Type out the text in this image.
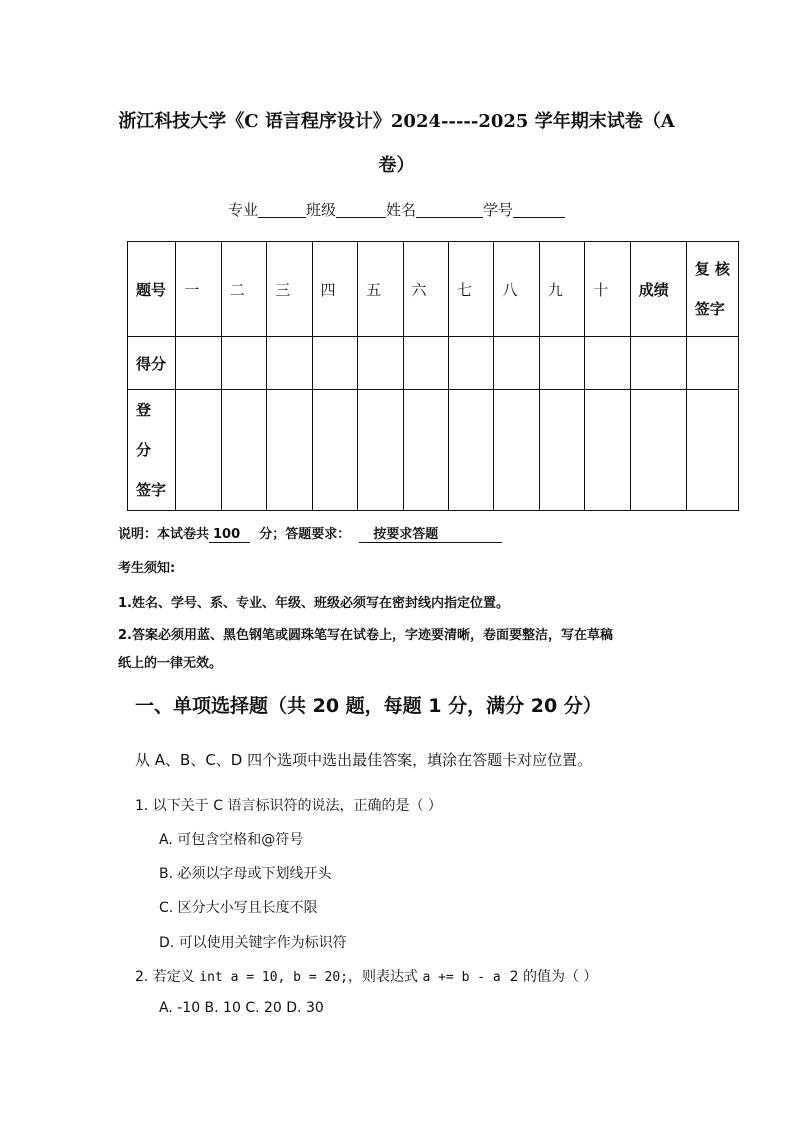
浙江科技大学《C 语言程序设计》2024-----2025 学年期末试卷（A
卷）
专业	班级	姓名	学号
题号	一	二	三	四	五	六	七	八	九	十	成绩	复 核
签字

得分												

登 分
签字												

说明：本试卷共 100 分；答题要求： 按要求答题
考生须知:
1.姓名、学号、系、专业、年级、班级必须写在密封线内指定位置。
2.答案必须用蓝、黑色钢笔或圆珠笔写在试卷上，字迹要清晰，卷面要整洁，写在草稿
纸上的一律无效。
一、单项选择题（共 20 题，每题 1 分，满分 20 分）
从 A、B、C、D 四个选项中选出最佳答案，填涂在答题卡对应位置。
1. 以下关于 C 语言标识符的说法，正确的是（ ）
A. 可包含空格和@符号
B. 必须以字母或下划线开头
C. 区分大小写且长度不限
D. 可以使用关键字作为标识符
2. 若定义 int a = 10, b = 20;，则表达式 a += b - a 2 的值为（ ）
A. -10 B. 10 C. 20 D. 30
